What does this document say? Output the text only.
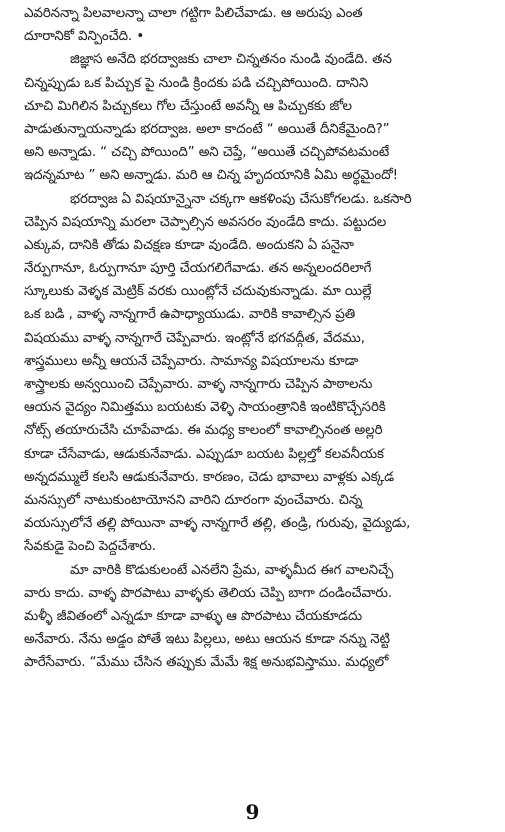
ఎవరినన్నా పిలవాలన్నా చాలా గట్టిగా పిలిచేవాడు. ఆ అరుపు ఎంత
దూరానికో విన్పించేది. •
జిజ్ఞాస అనేది భరద్వాజకు చాలా చిన్నతనం నుండి వుండేది. తన
చిన్నప్పుడు ఒక పిచ్చుక పై నుండి క్రిందకు పడి చచ్చిపోయింది. దానిని
చూచి మిగిలిన పిచ్చుకలు గోల చేస్తుంటే అవన్నీ ఆ పిచ్చుకకు జోల
పాడుతున్నాయన్నాడు భరద్వాజ. అలా కాదంటే “ అయితే దీనికేమైంది?”
అని అన్నాడు. “ చచ్చి పోయింది” అని చెప్తే, “అయితే చచ్చిపోవటమంటే
ఇదన్నమాట ” అని అన్నాడు. మరి ఆ చిన్న హృదయానికి ఏమి అర్థమైందో!
భరద్వాజ ఏ విషయాన్నైనా చక్కగా ఆకళింపు చేసుకోగలడు. ఒకసారి
చెప్పిన విషయాన్ని మరలా చెప్పాల్సిన అవసరం వుండేది కాదు. పట్టుదల
ఎక్కువ, దానికి తోడు విచక్షణ కూడా వుండేది. అందుకని ఏ పనైనా
నేర్పుగానూ, ఓర్పుగానూ పూర్తి చేయగలిగేవాడు. తన అన్నలందరిలాగే
స్కూలుకు వెళ్ళక మెట్రిక్ వరకు యింట్లోనే చదువుకున్నాడు. మా యిల్లే
ఒక బడి , వాళ్ళ నాన్నగారే ఉపాధ్యాయుడు. వారికి కావాల్సిన ప్రతి
విషయము వాళ్ళ నాన్నగారే చెప్పేవారు. ఇంట్లోనే భగవద్గీత, వేదము,
శాస్త్రములు అన్నీ ఆయనే చెప్పేవారు. సామాన్య విషయాలను కూడా
శాస్త్రాలకు అన్వయించి చెప్పేవారు. వాళ్ళ నాన్నగారు చెప్పిన పాఠాలను
ఆయన వైద్యం నిమిత్తము బయటకు వెళ్ళి సాయంత్రానికి ఇంటికొచ్చేసరికి
నోట్స్ తయారుచేసి చూపేవాడు. ఈ మధ్య కాలంలో కావాల్సినంత అల్లరి
కూడా చేసేవాడు, ఆడుకునేవాడు. ఎప్పుడూ బయట పిల్లల్తో కలవనీయక
అన్నదమ్ములే కలసి ఆడుకునేవారు. కారణం, చెడు భావాలు వాళ్లకు ఎక్కడ
మనస్సులో నాటుకుంటాయోనని వారిని దూరంగా వుంచేవారు. చిన్న
వయస్సులోనే తల్లి పోయినా వాళ్ళ నాన్నగారే తల్లి, తండ్రి, గురువు, వైద్యుడు,
సేవకుడై పెంచి పెద్దచేశారు.
మా వారికి కొడుకులంటే ఎనలేని ప్రేమ, వాళ్ళమీద ఈగ వాలనిచ్చే
వారు కాదు. వాళ్ళ పొరపాటు వాళ్ళకు తెలియ చెప్పి బాగా దండించేవారు.
మళ్ళీ జీవితంలో ఎన్నడూ కూడా వాళ్ళు ఆ పొరపాటు చేయకూడదు
అనేవారు. నేను అడ్డం పోతే ఇటు పిల్లలు, అటు ఆయన కూడా నన్ను నెట్టి
పారేసేవారు. “మేము చేసిన తప్పుకు మేమే శిక్ష అనుభవిస్తాము. మధ్యలో
9
